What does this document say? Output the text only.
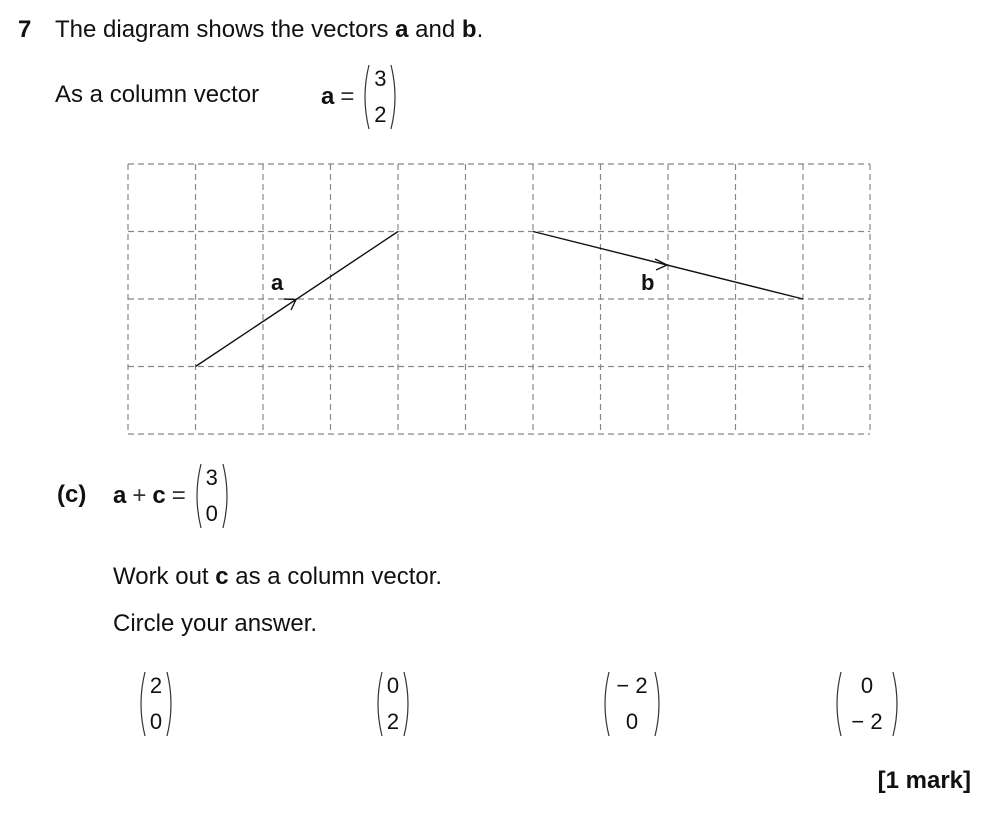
7 The diagram shows the vectors a and b.
As a column vector	a =
3
2
a	b
(c) a + c =
3
0
Work out c as a column vector.
Circle your answer.
2
0
0
2
− 2
0
0
− 2
[1 mark]
